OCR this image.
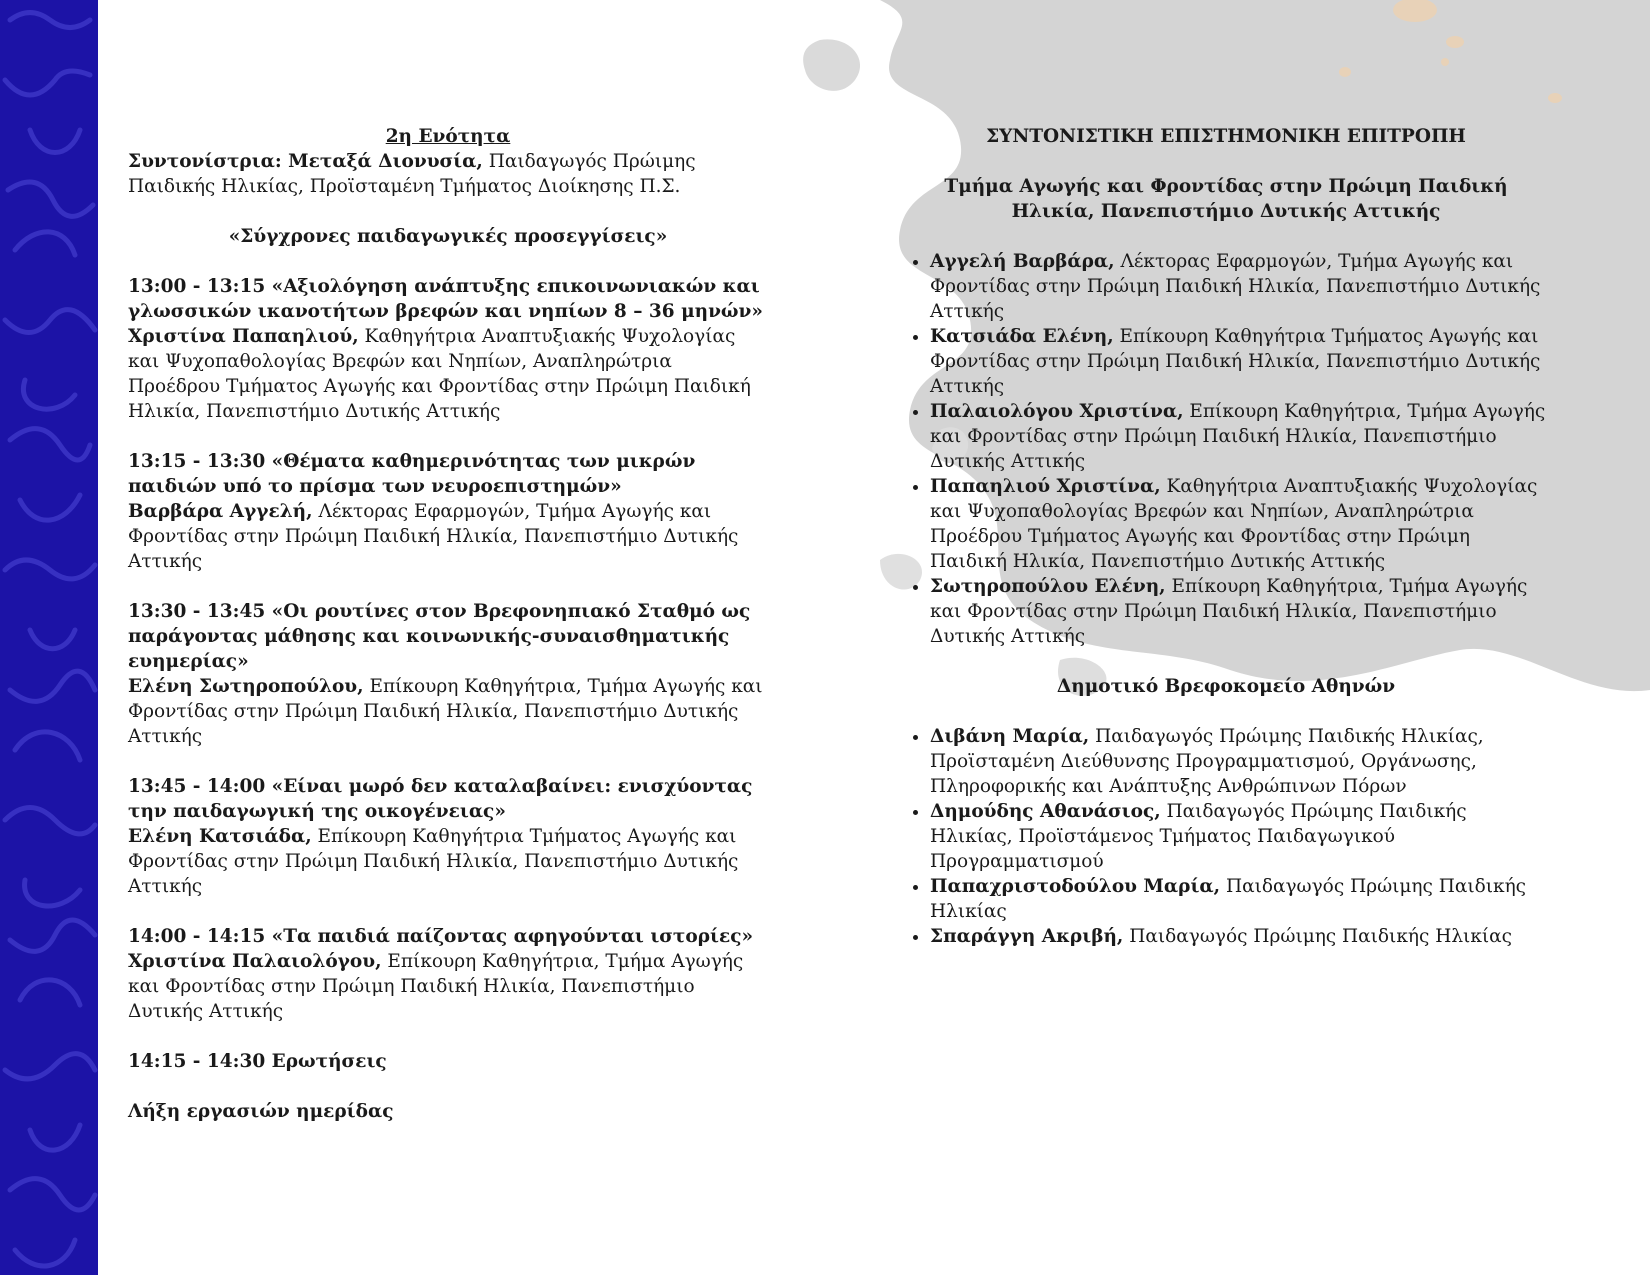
2η Ενότητα
Συντονίστρια: Μεταξά Διονυσία, Παιδαγωγός Πρώιμης Παιδικής Ηλικίας, Προϊσταμένη Τμήματος Διοίκησης Π.Σ.
«Σύγχρονες παιδαγωγικές προσεγγίσεις»
13:00 - 13:15 «Αξιολόγηση ανάπτυξης επικοινωνιακών και γλωσσικών ικανοτήτων βρεφών και νηπίων 8 – 36 μηνών»
Χριστίνα Παπαηλιού, Καθηγήτρια Αναπτυξιακής Ψυχολογίας και Ψυχοπαθολογίας Βρεφών και Νηπίων, Αναπληρώτρια Προέδρου Τμήματος Αγωγής και Φροντίδας στην Πρώιμη Παιδική Ηλικία, Πανεπιστήμιο Δυτικής Αττικής
13:15 - 13:30 «Θέματα καθημερινότητας των μικρών παιδιών υπό το πρίσμα των νευροεπιστημών»
Βαρβάρα Αγγελή, Λέκτορας Εφαρμογών, Τμήμα Αγωγής και Φροντίδας στην Πρώιμη Παιδική Ηλικία, Πανεπιστήμιο Δυτικής Αττικής
13:30 - 13:45 «Οι ρουτίνες στον Βρεφονηπιακό Σταθμό ως παράγοντας μάθησης και κοινωνικής-συναισθηματικής ευημερίας»
Ελένη Σωτηροπούλου, Επίκουρη Καθηγήτρια, Τμήμα Αγωγής και Φροντίδας στην Πρώιμη Παιδική Ηλικία, Πανεπιστήμιο Δυτικής Αττικής
13:45 - 14:00 «Είναι μωρό δεν καταλαβαίνει: ενισχύοντας την παιδαγωγική της οικογένειας»
Ελένη Κατσιάδα, Επίκουρη Καθηγήτρια Τμήματος Αγωγής και Φροντίδας στην Πρώιμη Παιδική Ηλικία, Πανεπιστήμιο Δυτικής Αττικής
14:00 - 14:15 «Τα παιδιά παίζοντας αφηγούνται ιστορίες»
Χριστίνα Παλαιολόγου, Επίκουρη Καθηγήτρια, Τμήμα Αγωγής και Φροντίδας στην Πρώιμη Παιδική Ηλικία, Πανεπιστήμιο Δυτικής Αττικής
14:15 - 14:30 Ερωτήσεις
Λήξη εργασιών ημερίδας
ΣΥΝΤΟΝΙΣΤΙΚΗ ΕΠΙΣΤΗΜΟΝΙΚΗ ΕΠΙΤΡΟΠΗ
Τμήμα Αγωγής και Φροντίδας στην Πρώιμη Παιδική Ηλικία, Πανεπιστήμιο Δυτικής Αττικής
• Αγγελή Βαρβάρα, Λέκτορας Εφαρμογών, Τμήμα Αγωγής και Φροντίδας στην Πρώιμη Παιδική Ηλικία, Πανεπιστήμιο Δυτικής Αττικής
• Κατσιάδα Ελένη, Επίκουρη Καθηγήτρια Τμήματος Αγωγής και Φροντίδας στην Πρώιμη Παιδική Ηλικία, Πανεπιστήμιο Δυτικής Αττικής
• Παλαιολόγου Χριστίνα, Επίκουρη Καθηγήτρια, Τμήμα Αγωγής και Φροντίδας στην Πρώιμη Παιδική Ηλικία, Πανεπιστήμιο Δυτικής Αττικής
• Παπαηλιού Χριστίνα, Καθηγήτρια Αναπτυξιακής Ψυχολογίας και Ψυχοπαθολογίας Βρεφών και Νηπίων, Αναπληρώτρια Προέδρου Τμήματος Αγωγής και Φροντίδας στην Πρώιμη Παιδική Ηλικία, Πανεπιστήμιο Δυτικής Αττικής
• Σωτηροπούλου Ελένη, Επίκουρη Καθηγήτρια, Τμήμα Αγωγής και Φροντίδας στην Πρώιμη Παιδική Ηλικία, Πανεπιστήμιο Δυτικής Αττικής
Δημοτικό Βρεφοκομείο Αθηνών
• Διβάνη Μαρία, Παιδαγωγός Πρώιμης Παιδικής Ηλικίας, Προϊσταμένη Διεύθυνσης Προγραμματισμού, Οργάνωσης, Πληροφορικής και Ανάπτυξης Ανθρώπινων Πόρων
• Δημούδης Αθανάσιος, Παιδαγωγός Πρώιμης Παιδικής Ηλικίας, Προϊστάμενος Τμήματος Παιδαγωγικού Προγραμματισμού
• Παπαχριστοδούλου Μαρία, Παιδαγωγός Πρώιμης Παιδικής Ηλικίας
• Σπαράγγη Ακριβή, Παιδαγωγός Πρώιμης Παιδικής Ηλικίας
